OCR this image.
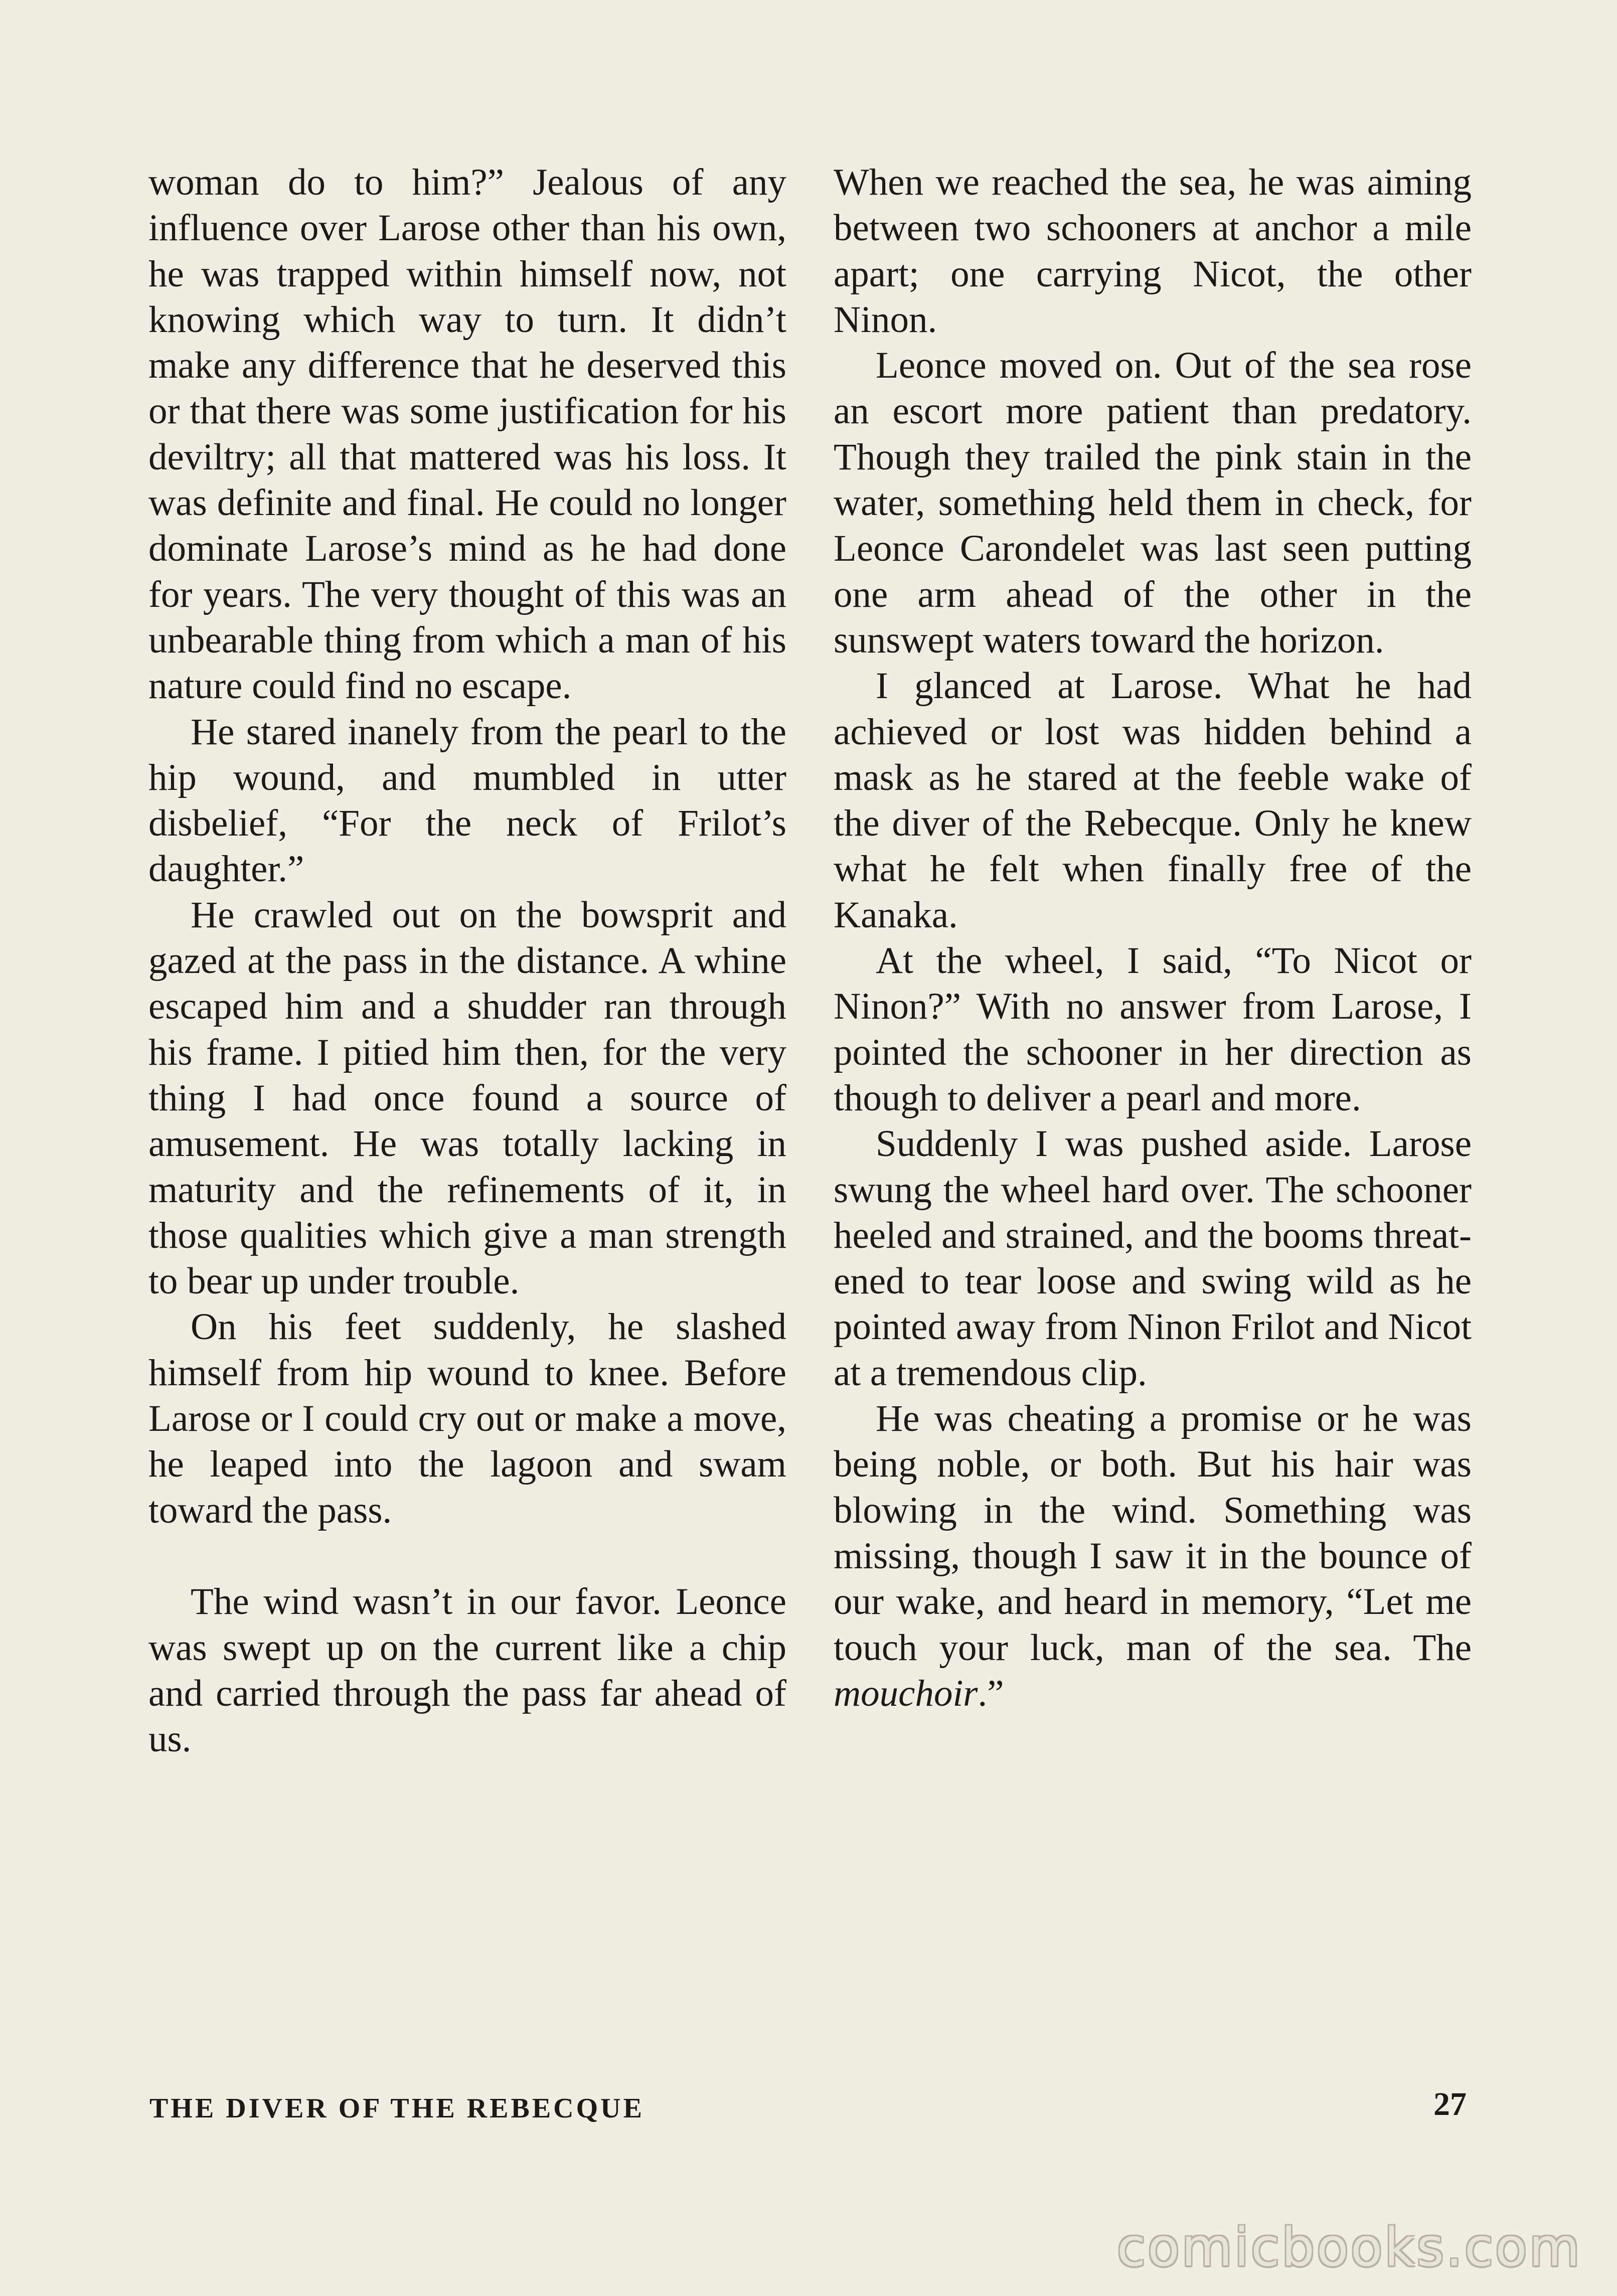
woman do to him?” Jealous of any influence over Larose other than his own, he was trapped within himself now, not knowing which way to turn. It didn’t make any difference that he deserved this or that there was some justification for his deviltry; all that mattered was his loss. It was definite and final. He could no longer dominate Larose’s mind as he had done for years. The very thought of this was an unbearable thing from which a man of his nature could find no escape.

He stared inanely from the pearl to the hip wound, and mumbled in utter disbelief, “For the neck of Frilot’s daughter.”

He crawled out on the bowsprit and gazed at the pass in the distance. A whine escaped him and a shudder ran through his frame. I pitied him then, for the very thing I had once found a source of amusement. He was totally lacking in maturity and the refinements of it, in those qualities which give a man strength to bear up under trouble.

On his feet suddenly, he slashed himself from hip wound to knee. Before Larose or I could cry out or make a move, he leaped into the lagoon and swam toward the pass.

The wind wasn’t in our favor. Leonce was swept up on the current like a chip and carried through the pass far ahead of us.

When we reached the sea, he was aiming between two schooners at anchor a mile apart; one carrying Nicot, the other Ninon.

Leonce moved on. Out of the sea rose an escort more patient than predatory. Though they trailed the pink stain in the water, something held them in check, for Leonce Carondelet was last seen putting one arm ahead of the other in the sunswept waters toward the horizon.

I glanced at Larose. What he had achieved or lost was hidden behind a mask as he stared at the feeble wake of the diver of the Rebecque. Only he knew what he felt when finally free of the Kanaka.

At the wheel, I said, “To Nicot or Ninon?” With no answer from Larose, I pointed the schooner in her direction as though to deliver a pearl and more.

Suddenly I was pushed aside. Larose swung the wheel hard over. The schooner heeled and strained, and the booms threatened to tear loose and swing wild as he pointed away from Ninon Frilot and Nicot at a tremendous clip.

He was cheating a promise or he was being noble, or both. But his hair was blowing in the wind. Something was missing, though I saw it in the bounce of our wake, and heard in memory, “Let me touch your luck, man of the sea. The mouchoir.”

THE DIVER OF THE REBECQUE	27
comicbooks.com
